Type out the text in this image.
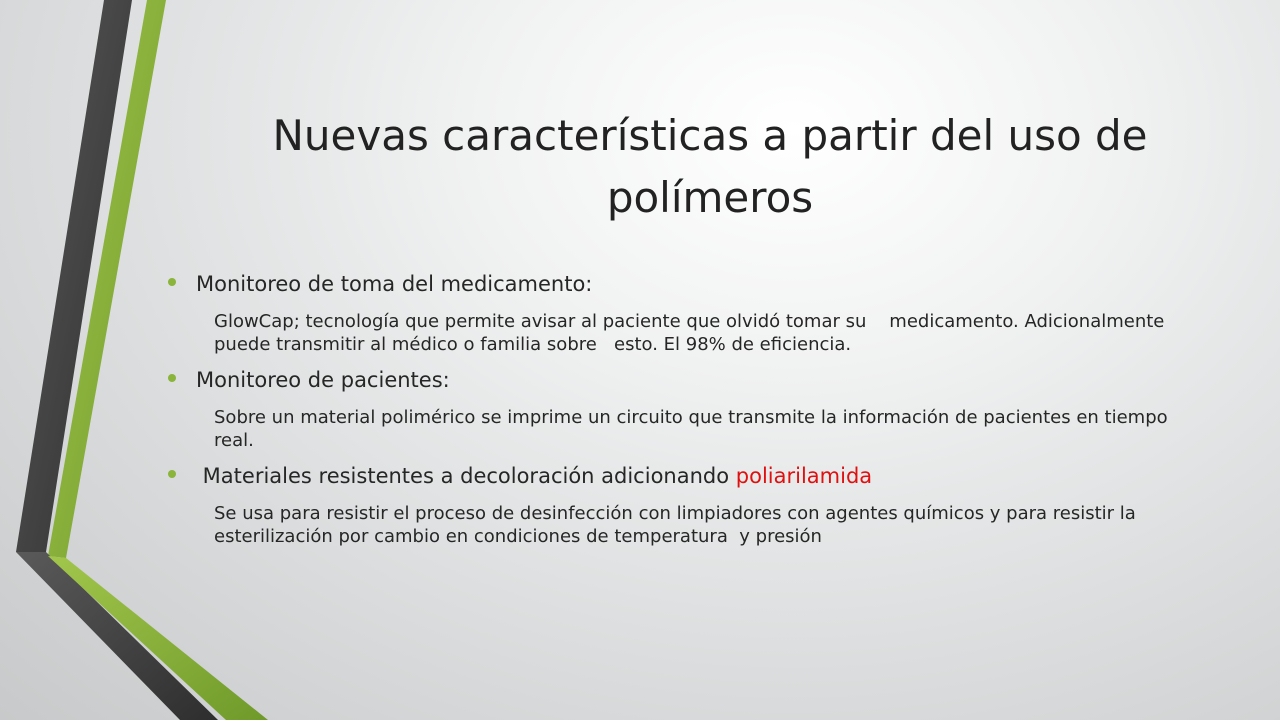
Nuevas características a partir del uso de polímeros
Monitoreo de toma del medicamento:
GlowCap; tecnología que permite avisar al paciente que olvidó tomar su    medicamento. Adicionalmente puede transmitir al médico o familia sobre   esto. El 98% de eficiencia.
Monitoreo de pacientes:
Sobre un material polimérico se imprime un circuito que transmite la información de pacientes en tiempo real.
Materiales resistentes a decoloración adicionando poliarilamida
Se usa para resistir el proceso de desinfección con limpiadores con agentes químicos y para resistir la esterilización por cambio en condiciones de temperatura  y presión
